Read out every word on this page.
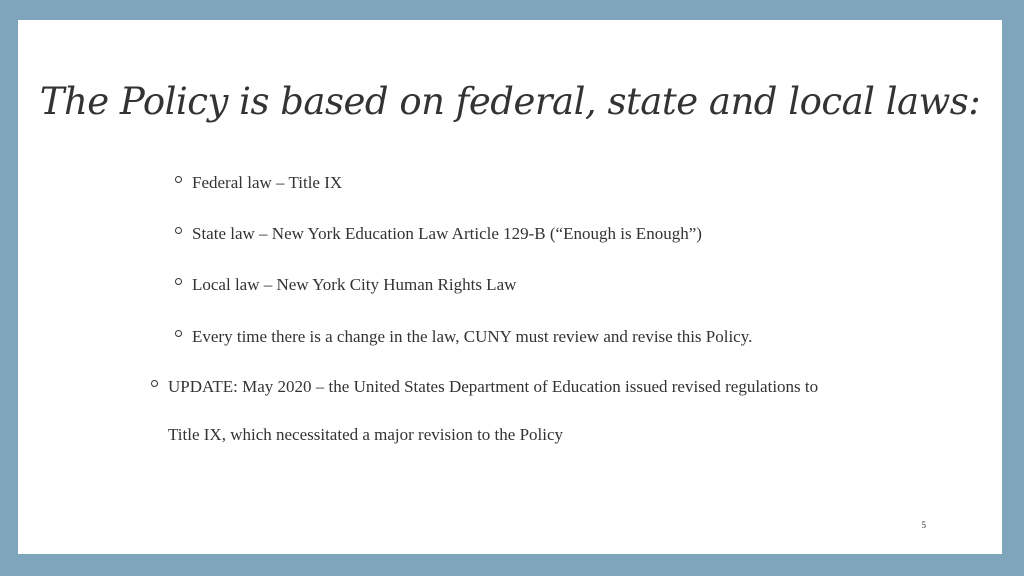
The Policy is based on federal, state and local laws:
Federal law – Title IX
State law – New York Education Law Article 129-B (“Enough is Enough”)
Local law – New York City Human Rights Law
Every time there is a change in the law, CUNY must review and revise this Policy.
UPDATE: May 2020 – the United States Department of Education issued revised regulations to
Title IX, which necessitated a major revision to the Policy
5
